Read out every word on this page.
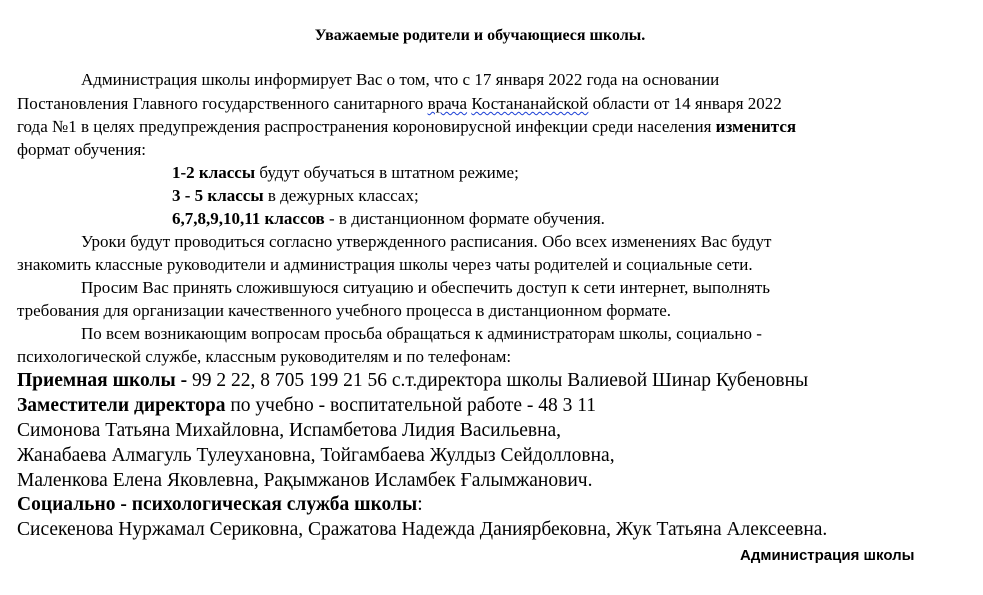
Уважаемые родители и обучающиеся школы.
Администрация школы информирует Вас о том, что с 17 января 2022 года на основании
Постановления Главного государственного санитарного врача Костананайской области от 14 января 2022
года №1 в целях предупреждения распространения короновирусной инфекции среди населения изменится
формат обучения:
1-2 классы будут обучаться в штатном режиме;
3 - 5 классы в дежурных классах;
6,7,8,9,10,11 классов - в дистанционном формате обучения.
Уроки будут проводиться согласно утвержденного расписания. Обо всех изменениях Вас будут
знакомить классные руководители и администрация школы через чаты родителей и социальные сети.
Просим Вас принять сложившуюся ситуацию и обеспечить доступ к сети интернет, выполнять
требования для организации качественного учебного процесса в дистанционном формате.
По всем возникающим вопросам просьба обращаться к администраторам школы, социально -
психологической службе, классным руководителям и по телефонам:
Приемная школы - 99 2 22, 8 705 199 21 56 с.т.директора школы Валиевой Шинар Кубеновны
Заместители директора по учебно - воспитательной работе - 48 3 11
Симонова Татьяна Михайловна, Испамбетова Лидия Васильевна,
Жанабаева Алмагуль Тулеухановна, Тойгамбаева Жулдыз Сейдолловна,
Маленкова Елена Яковлевна, Рақымжанов Исламбек Ғалымжанович.
Социально - психологическая служба школы:
Сисекенова Нуржамал Сериковна, Сражатова Надежда Данияpбековна, Жук Татьяна Алексеевна.
Администрация школы
